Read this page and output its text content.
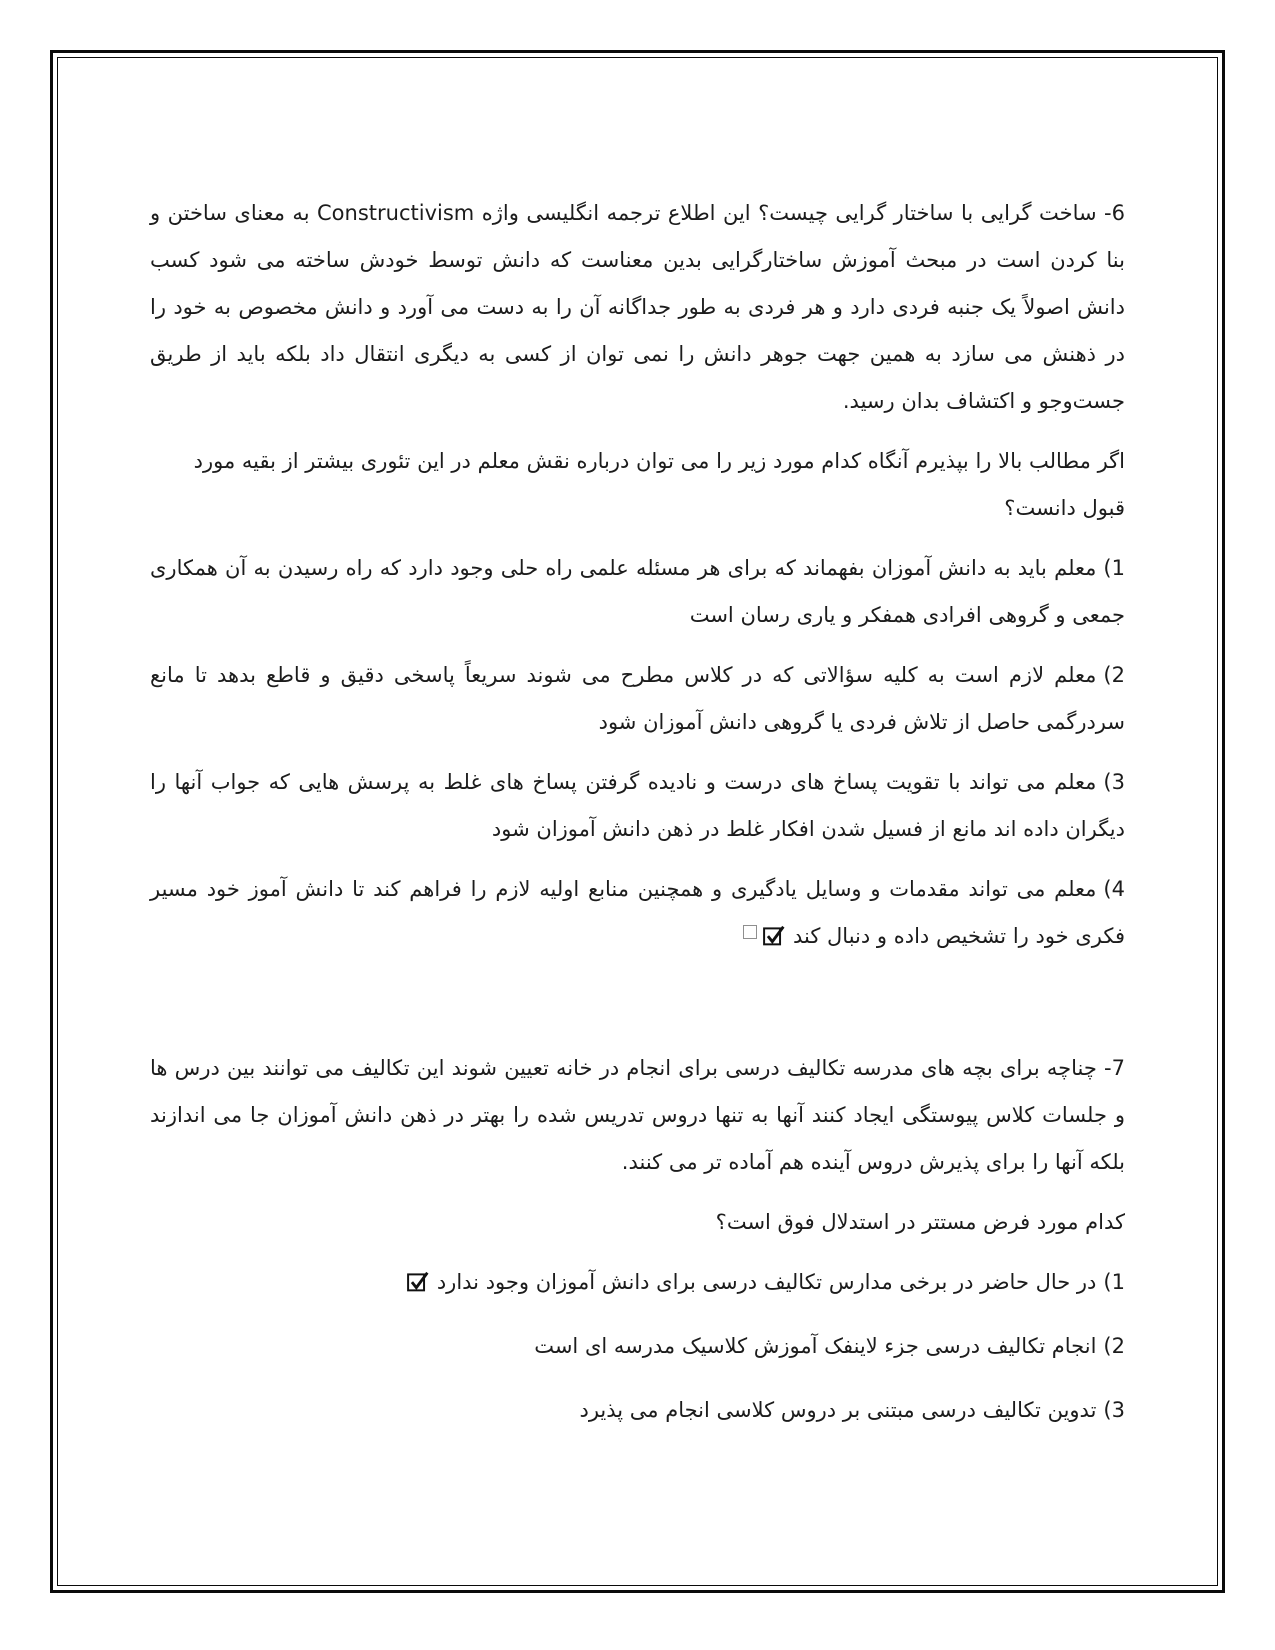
6- ساخت گرایی با ساختار گرایی چیست؟ این اطلاع ترجمه انگلیسی واژه Constructivism به معنای ساختن و بنا کردن است در مبحث آموزش ساختارگرایی بدین معناست که دانش توسط خودش ساخته می شود کسب دانش اصولاً یک جنبه فردی دارد و هر فردی به طور جداگانه آن را به دست می آورد و دانش مخصوص به خود را در ذهنش می سازد به همین جهت جوهر دانش را نمی توان از کسی به دیگری انتقال داد بلکه باید از طریق جست‌وجو و اکتشاف بدان رسید.

اگر مطالب بالا را بپذیرم آنگاه کدام مورد زیر را می توان درباره نقش معلم در این تئوری بیشتر از بقیه مورد قبول دانست؟

1)معلم باید به دانش آموزان بفهماند که برای هر مسئله علمی راه حلی وجود دارد که راه رسیدن به آن همکاری جمعی و گروهی افرادی همفکر و یاری رسان است

2)معلم لازم است به کلیه سؤالاتی که در کلاس مطرح می شوند سریعاً پاسخی دقیق و قاطع بدهد تا مانع سردرگمی حاصل از تلاش فردی یا گروهی دانش آموزان شود

3)معلم می تواند با تقویت پساخ های درست و نادیده گرفتن پساخ های غلط به پرسش هایی که جواب آنها را دیگران داده اند مانع از فسیل شدن افکار غلط در ذهن دانش آموزان شود

4)معلم می تواند مقدمات و وسایل یادگیری و همچنین منابع اولیه لازم را فراهم کند تا دانش آموز خود مسیر فکری خود را تشخیص داده و دنبال کند

7- چناچه برای بچه های مدرسه تکالیف درسی برای انجام در خانه تعیین شوند این تکالیف می توانند بین درس ها و جلسات کلاس پیوستگی ایجاد کنند آنها به تنها دروس تدریس شده را بهتر در ذهن دانش آموزان جا می اندازند بلکه آنها را برای پذیرش دروس آینده هم آماده تر می کنند.

کدام مورد فرض مستتر در استدلال فوق است؟

1)در حال حاضر در برخی مدارس تکالیف درسی برای دانش آموزان وجود ندارد

2)انجام تکالیف درسی جزء لاینفک آموزش کلاسیک مدرسه ای است

3)تدوین تکالیف درسی مبتنی بر دروس کلاسی انجام می پذیرد
